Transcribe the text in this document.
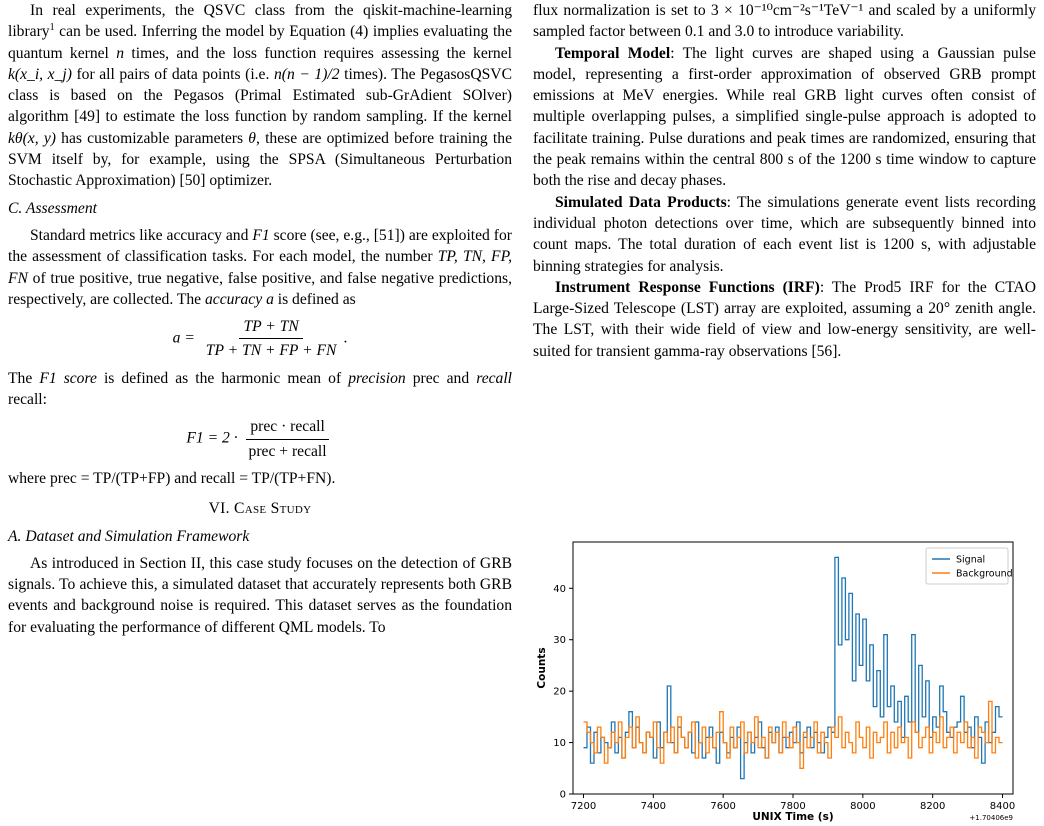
In real experiments, the QSVC class from the qiskit-machine-learning library$^1$ can be used. Inferring the model by Equation (4) implies evaluating the quantum kernel n times, and the loss function requires assessing the kernel k(x_i, x_j) for all pairs of data points (i.e. n(n − 1)/2 times). The PegasosQSVC class is based on the Pegasos (Primal Estimated sub-GrAdient SOlver) algorithm [49] to estimate the loss function by random sampling. If the kernel kθ(x, y) has customizable parameters θ, these are optimized before training the SVM itself by, for example, using the SPSA (Simultaneous Perturbation Stochastic Approximation) [50] optimizer.

C. Assessment

Standard metrics like accuracy and F1 score (see, e.g., [51]) are exploited for the assessment of classification tasks. For each model, the number TP, TN, FP, FN of true positive, true negative, false positive, and false negative predictions, respectively, are collected. The accuracy a is defined as

$a = \frac{TP + TN}{TP + TN + FP + FN}$ .

The F1 score is defined as the harmonic mean of precision prec and recall recall:

$F1 = 2 \cdot \frac{\text{prec · recall}}{\text{prec + recall}}$

where prec = TP/(TP+FP) and recall = TP/(TP+FN).

VI. Case Study

A. Dataset and Simulation Framework

As introduced in Section II, this case study focuses on the detection of GRB signals. To achieve this, a simulated dataset that accurately represents both GRB events and background noise is required. This dataset serves as the foundation for evaluating the performance of different QML models. To

flux normalization is set to 3 × 10⁻¹⁰cm⁻²s⁻¹TeV⁻¹ and scaled by a uniformly sampled factor between 0.1 and 3.0 to introduce variability.

Temporal Model: The light curves are shaped using a Gaussian pulse model, representing a first-order approximation of observed GRB prompt emissions at MeV energies. While real GRB light curves often consist of multiple overlapping pulses, a simplified single-pulse approach is adopted to facilitate training. Pulse durations and peak times are randomized, ensuring that the peak remains within the central 800 s of the 1200 s time window to capture both the rise and decay phases.

Simulated Data Products: The simulations generate event lists recording individual photon detections over time, which are subsequently binned into count maps. The total duration of each event list is 1200 s, with adjustable binning strategies for analysis.

Instrument Response Functions (IRF): The Prod5 IRF for the CTAO Large-Sized Telescope (LST) array are exploited, assuming a 20° zenith angle. The LST, with their wide field of view and low-energy sensitivity, are well-suited for transient gamma-ray observations [56].

7200	7400	7600	7800	8000	8200	8400
0
10
20
30
40
Signal
Background
UNIX Time (s)
Counts
+1.70406e9
